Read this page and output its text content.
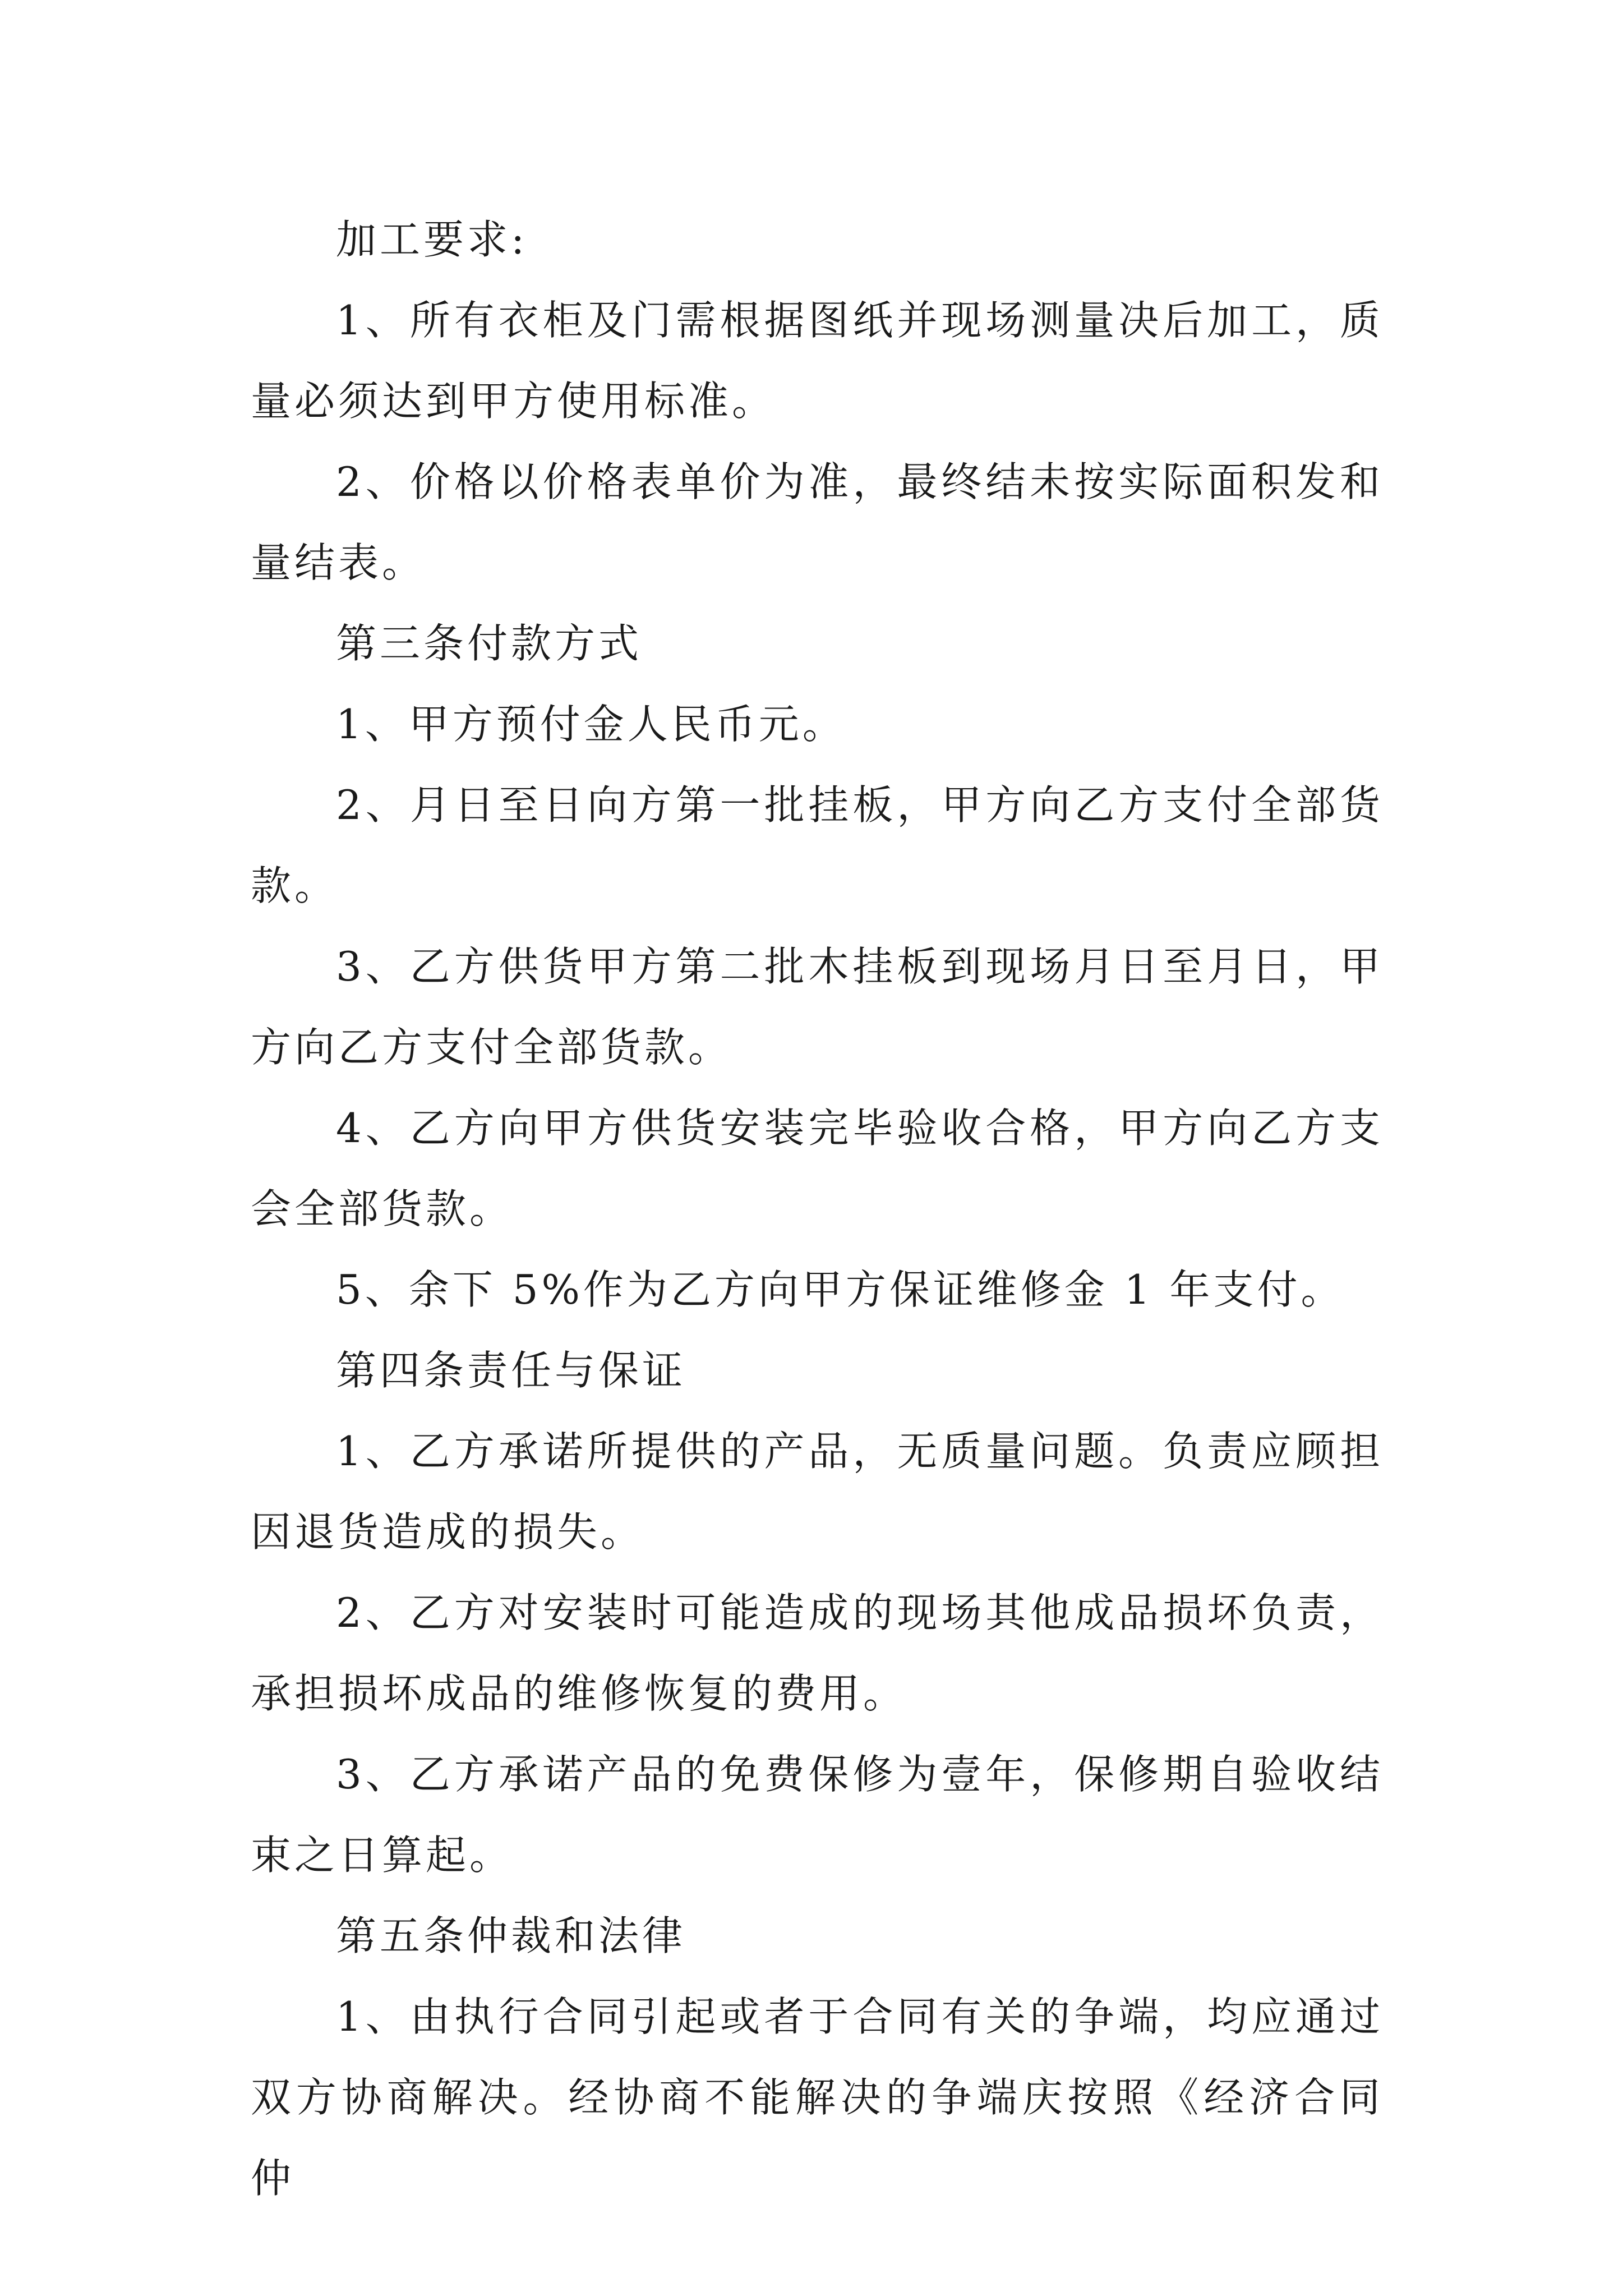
加工要求:

1、所有衣柜及门需根据图纸并现场测量决后加工，质量必须达到甲方使用标准。

2、价格以价格表单价为准，最终结未按实际面积发和量结表。

第三条付款方式

1、甲方预付金人民币元。

2、月日至日向方第一批挂板，甲方向乙方支付全部货款。

3、乙方供货甲方第二批木挂板到现场月日至月日，甲方向乙方支付全部货款。

4、乙方向甲方供货安装完毕验收合格，甲方向乙方支会全部货款。

5、余下 5%作为乙方向甲方保证维修金 1 年支付。

第四条责任与保证

1、乙方承诺所提供的产品，无质量问题。负责应顾担因退货造成的损失。

2、乙方对安装时可能造成的现场其他成品损坏负责，承担损坏成品的维修恢复的费用。

3、乙方承诺产品的免费保修为壹年，保修期自验收结束之日算起。

第五条仲裁和法律

1、由执行合同引起或者于合同有关的争端，均应通过双方协商解决。经协商不能解决的争端庆按照《经济合同仲
